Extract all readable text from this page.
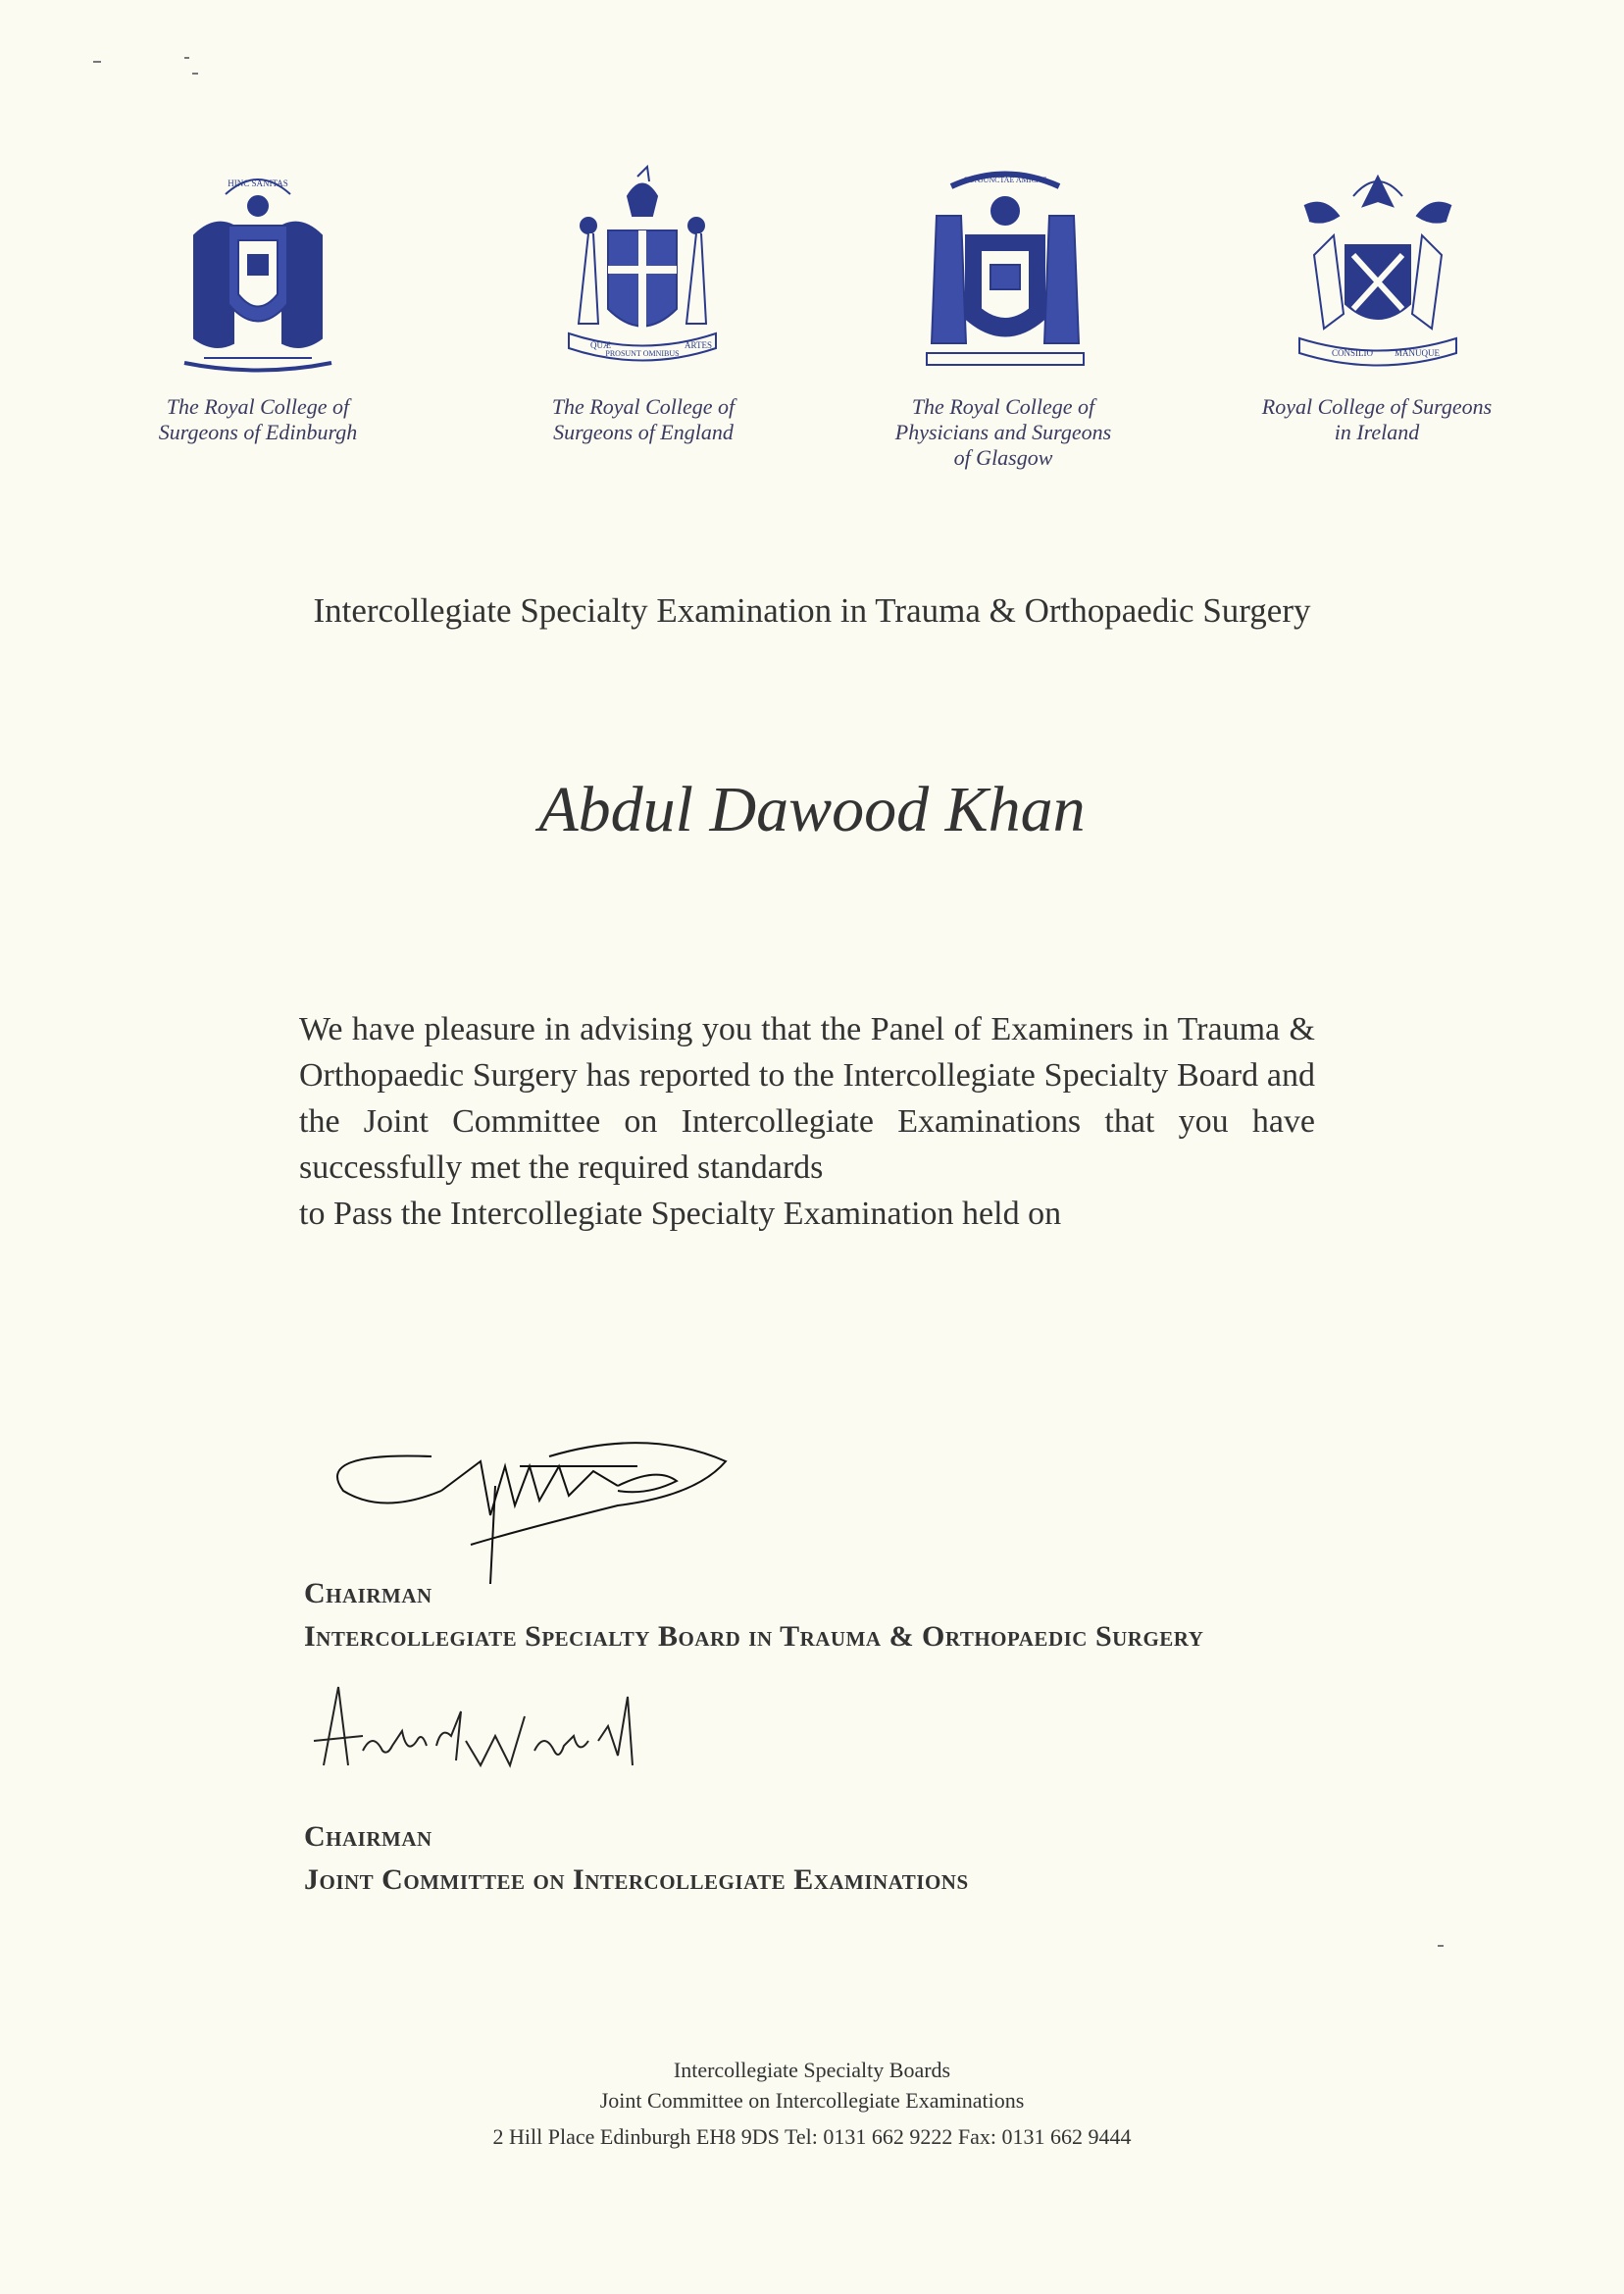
HINC SANITAS
The Royal College of
Surgeons of Edinburgh
QUÆ
PROSUNT OMNIBUS
ARTES
The Royal College of
Surgeons of England
CONJUNCTAE AMICAE
The Royal College of
Physicians and Surgeons
of Glasgow
CONSILIO MANUQUE
Royal College of Surgeons
in Ireland
Intercollegiate Specialty Examination in Trauma & Orthopaedic Surgery
Abdul Dawood Khan
We have pleasure in advising you that the Panel of Examiners in Trauma & Orthopaedic Surgery has reported to the Intercollegiate Specialty Board and the Joint Committee on Intercollegiate Examinations that you have successfully met the required standards
to Pass the Intercollegiate Specialty Examination held on
Chairman
Intercollegiate Specialty Board in Trauma & Orthopaedic Surgery
Chairman
Joint Committee on Intercollegiate Examinations
Intercollegiate Specialty Boards
Joint Committee on Intercollegiate Examinations
2 Hill Place Edinburgh EH8 9DS Tel: 0131 662 9222 Fax: 0131 662 9444
